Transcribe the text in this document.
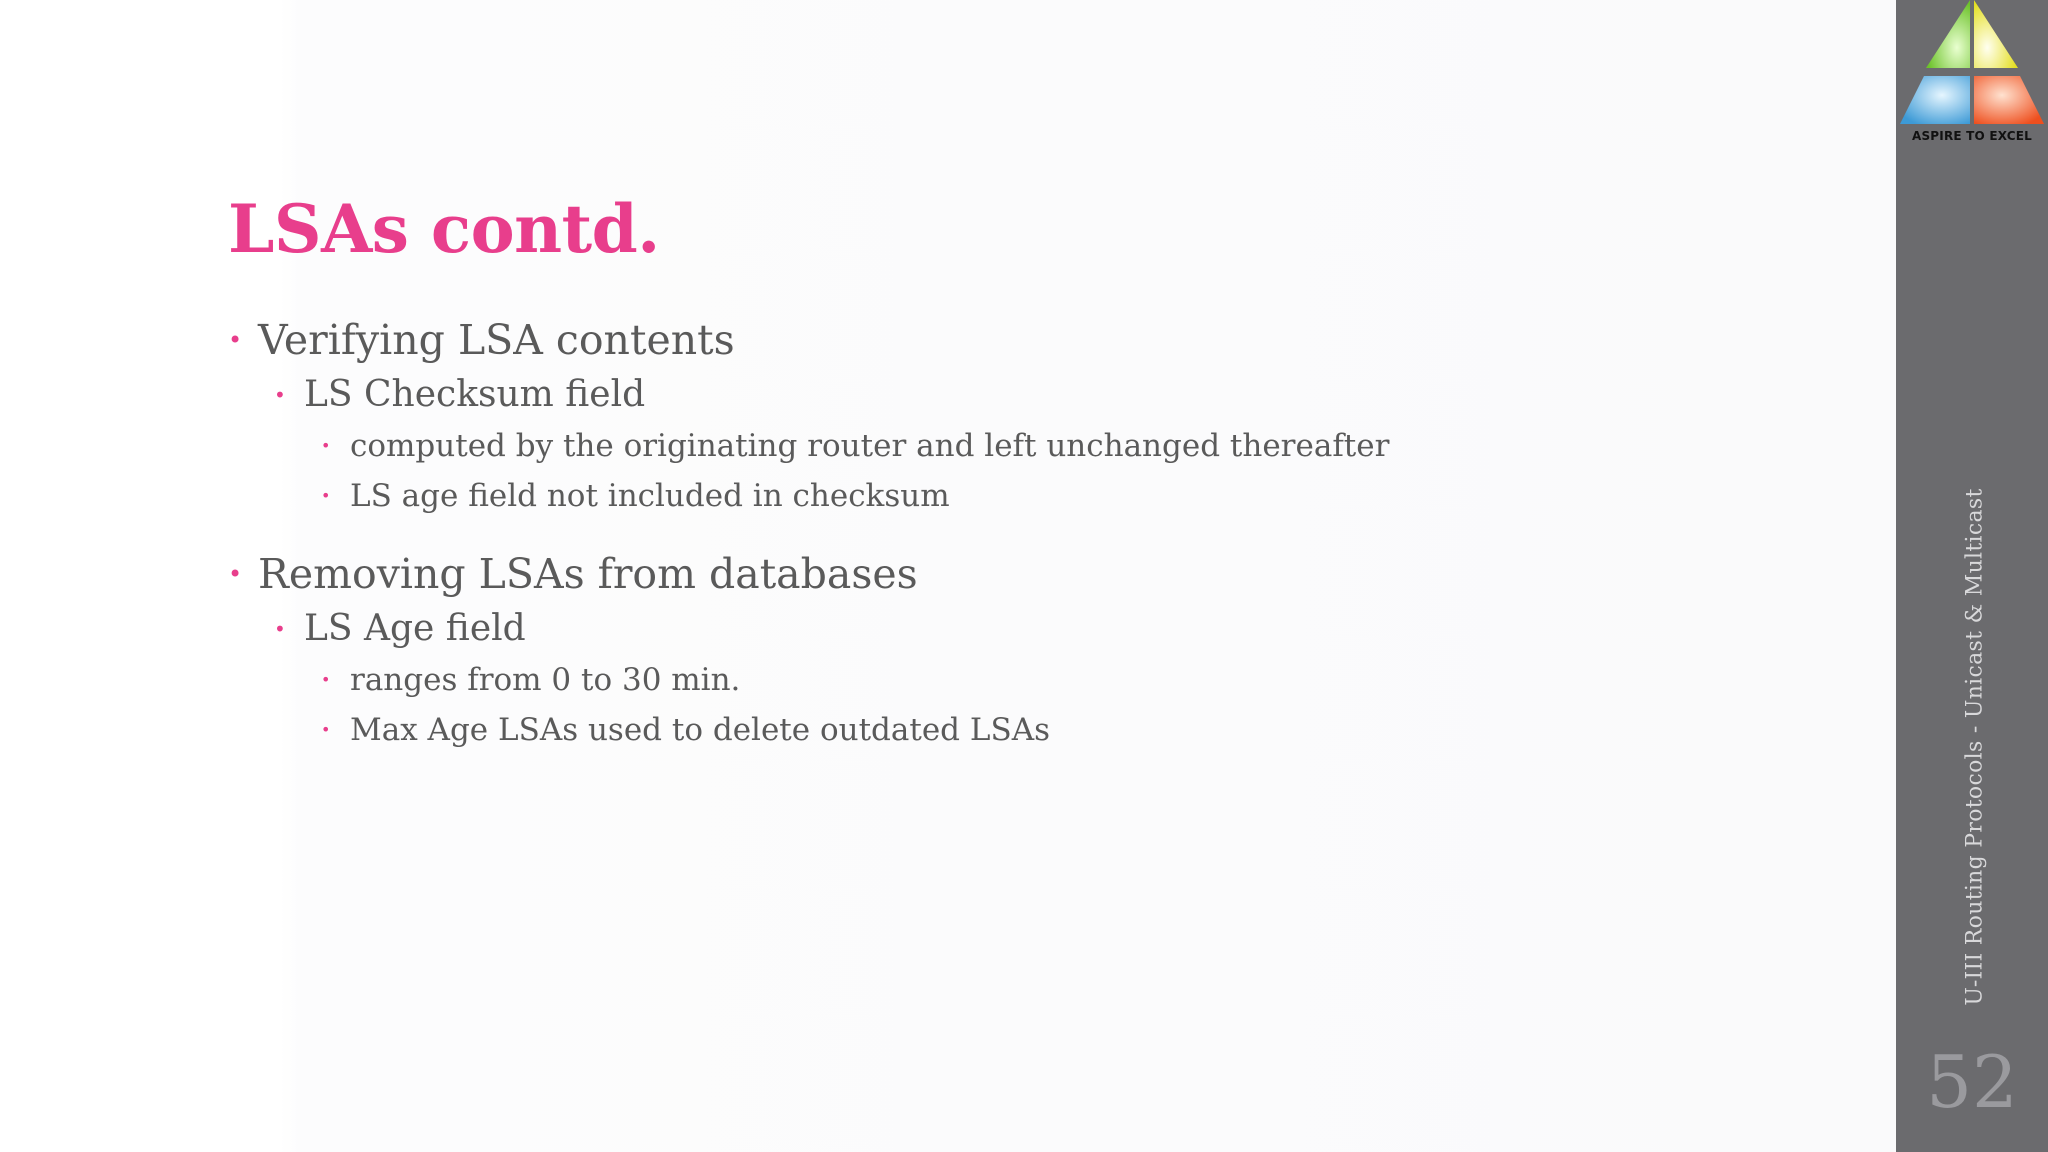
LSAs contd.
• Verifying LSA contents
• LS Checksum field
• computed by the originating router and left unchanged thereafter
• LS age field not included in checksum
• Removing LSAs from databases
• LS Age field
• ranges from 0 to 30 min.
• Max Age LSAs used to delete outdated LSAs
ASPIRE TO EXCEL
U-III Routing Protocols - Unicast & Multicast
52
